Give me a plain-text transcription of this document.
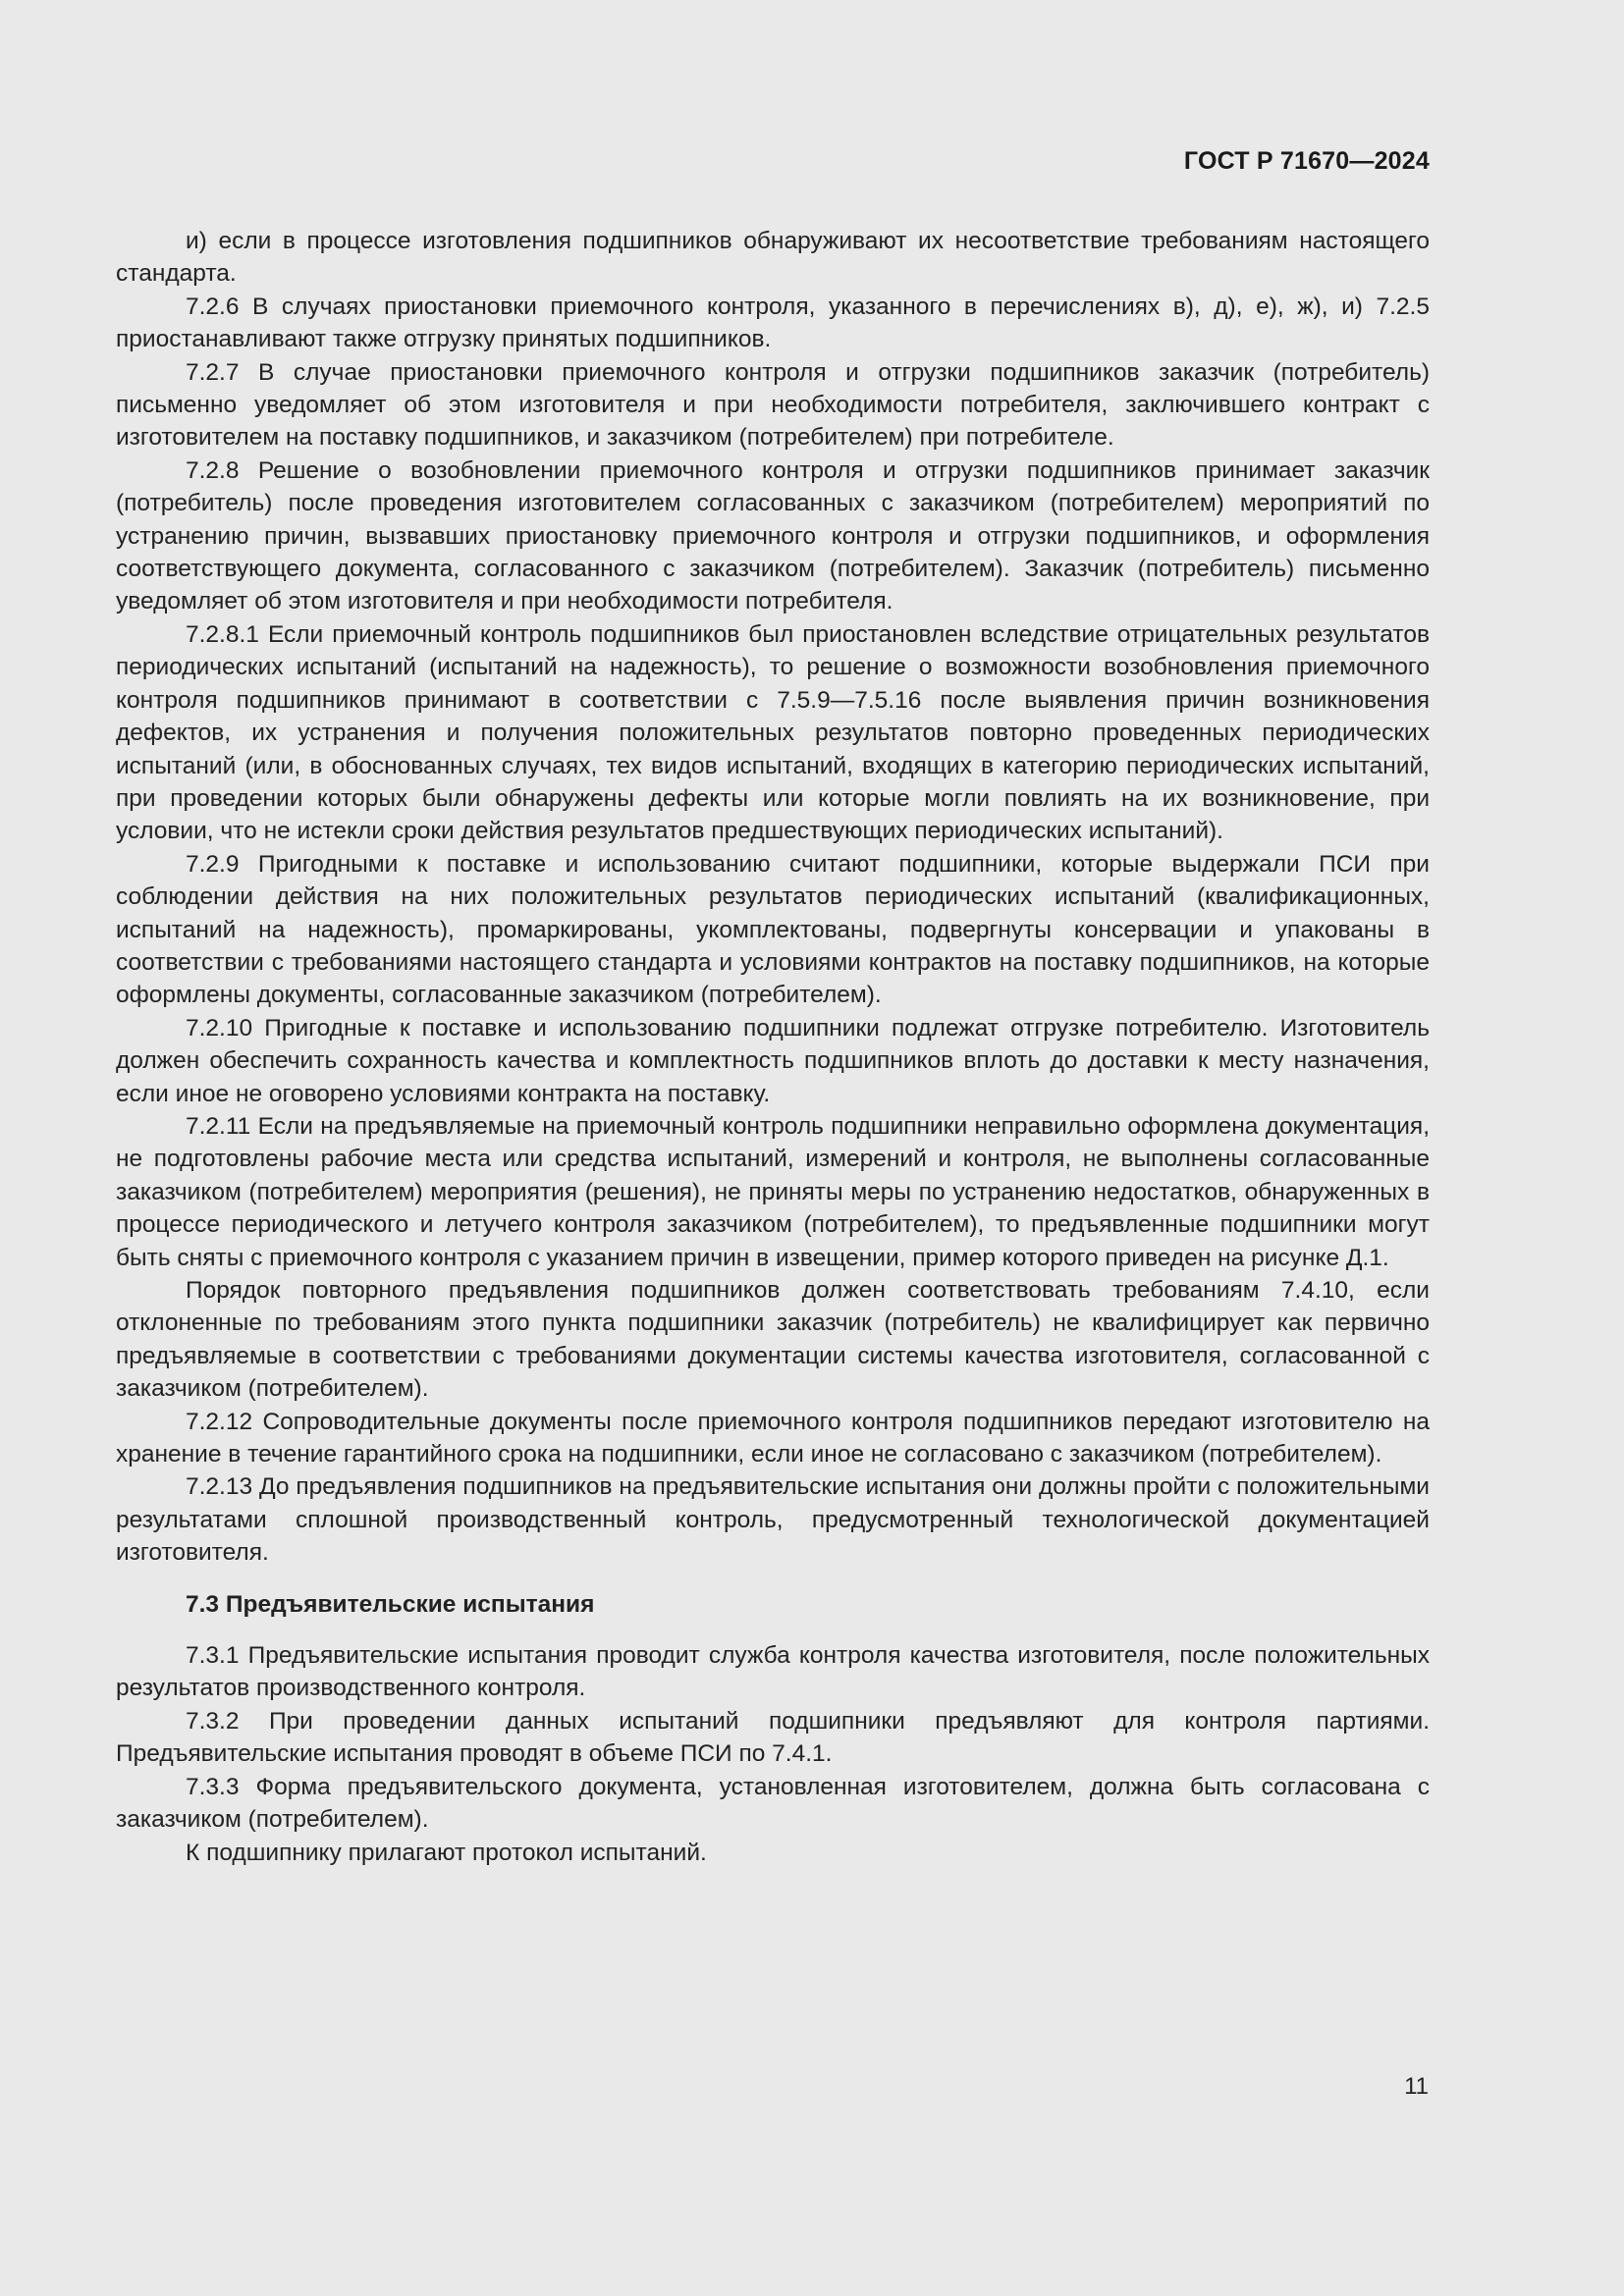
ГОСТ Р 71670—2024

и) если в процессе изготовления подшипников обнаруживают их несоответствие требованиям настоящего стандарта.

7.2.6 В случаях приостановки приемочного контроля, указанного в перечислениях в), д), е), ж), и) 7.2.5 приостанавливают также отгрузку принятых подшипников.

7.2.7 В случае приостановки приемочного контроля и отгрузки подшипников заказчик (потребитель) письменно уведомляет об этом изготовителя и при необходимости потребителя, заключившего контракт с изготовителем на поставку подшипников, и заказчиком (потребителем) при потребителе.

7.2.8 Решение о возобновлении приемочного контроля и отгрузки подшипников принимает заказчик (потребитель) после проведения изготовителем согласованных с заказчиком (потребителем) мероприятий по устранению причин, вызвавших приостановку приемочного контроля и отгрузки подшипников, и оформления соответствующего документа, согласованного с заказчиком (потребителем). Заказчик (потребитель) письменно уведомляет об этом изготовителя и при необходимости потребителя.

7.2.8.1 Если приемочный контроль подшипников был приостановлен вследствие отрицательных результатов периодических испытаний (испытаний на надежность), то решение о возможности возобновления приемочного контроля подшипников принимают в соответствии с 7.5.9—7.5.16 после выявления причин возникновения дефектов, их устранения и получения положительных результатов повторно проведенных периодических испытаний (или, в обоснованных случаях, тех видов испытаний, входящих в категорию периодических испытаний, при проведении которых были обнаружены дефекты или которые могли повлиять на их возникновение, при условии, что не истекли сроки действия результатов предшествующих периодических испытаний).

7.2.9 Пригодными к поставке и использованию считают подшипники, которые выдержали ПСИ при соблюдении действия на них положительных результатов периодических испытаний (квалификационных, испытаний на надежность), промаркированы, укомплектованы, подвергнуты консервации и упакованы в соответствии с требованиями настоящего стандарта и условиями контрактов на поставку подшипников, на которые оформлены документы, согласованные заказчиком (потребителем).

7.2.10 Пригодные к поставке и использованию подшипники подлежат отгрузке потребителю. Изготовитель должен обеспечить сохранность качества и комплектность подшипников вплоть до доставки к месту назначения, если иное не оговорено условиями контракта на поставку.

7.2.11 Если на предъявляемые на приемочный контроль подшипники неправильно оформлена документация, не подготовлены рабочие места или средства испытаний, измерений и контроля, не выполнены согласованные заказчиком (потребителем) мероприятия (решения), не приняты меры по устранению недостатков, обнаруженных в процессе периодического и летучего контроля заказчиком (потребителем), то предъявленные подшипники могут быть сняты с приемочного контроля с указанием причин в извещении, пример которого приведен на рисунке Д.1.

Порядок повторного предъявления подшипников должен соответствовать требованиям 7.4.10, если отклоненные по требованиям этого пункта подшипники заказчик (потребитель) не квалифицирует как первично предъявляемые в соответствии с требованиями документации системы качества изготовителя, согласованной с заказчиком (потребителем).

7.2.12 Сопроводительные документы после приемочного контроля подшипников передают изготовителю на хранение в течение гарантийного срока на подшипники, если иное не согласовано с заказчиком (потребителем).

7.2.13 До предъявления подшипников на предъявительские испытания они должны пройти с положительными результатами сплошной производственный контроль, предусмотренный технологической документацией изготовителя.

7.3 Предъявительские испытания

7.3.1 Предъявительские испытания проводит служба контроля качества изготовителя, после положительных результатов производственного контроля.

7.3.2 При проведении данных испытаний подшипники предъявляют для контроля партиями. Предъявительские испытания проводят в объеме ПСИ по 7.4.1.

7.3.3 Форма предъявительского документа, установленная изготовителем, должна быть согласована с заказчиком (потребителем).

К подшипнику прилагают протокол испытаний.

11
